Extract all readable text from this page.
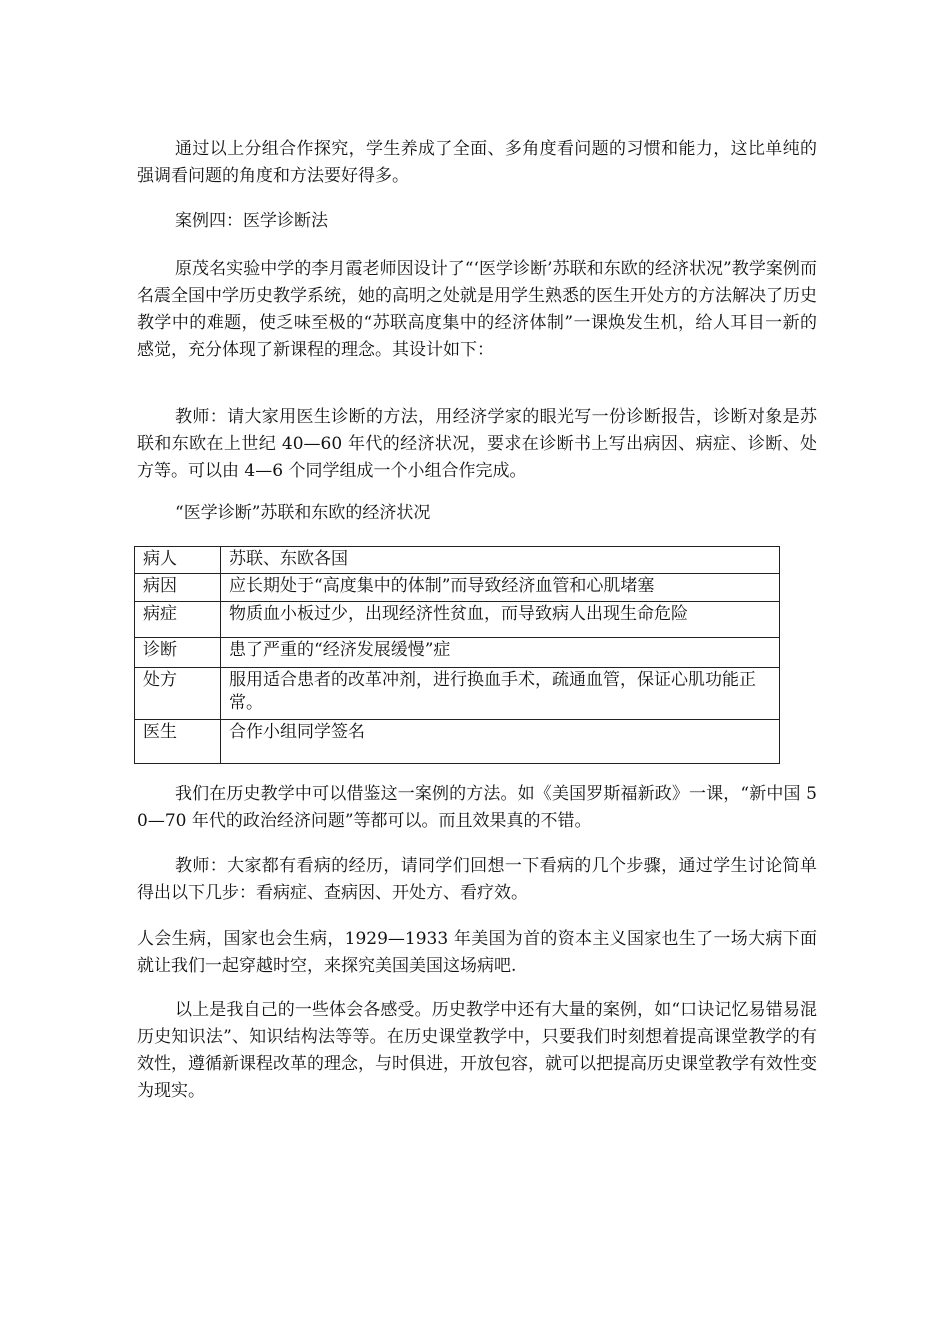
通过以上分组合作探究，学生养成了全面、多角度看问题的习惯和能力，这比单纯的强调看问题的角度和方法要好得多。

案例四：医学诊断法

原茂名实验中学的李月霞老师因设计了“‘医学诊断’苏联和东欧的经济状况”教学案例而名震全国中学历史教学系统，她的高明之处就是用学生熟悉的医生开处方的方法解决了历史教学中的难题，使乏味至极的“苏联高度集中的经济体制”一课焕发生机，给人耳目一新的感觉，充分体现了新课程的理念。其设计如下：

教师：请大家用医生诊断的方法，用经济学家的眼光写一份诊断报告，诊断对象是苏联和东欧在上世纪 40—60 年代的经济状况，要求在诊断书上写出病因、病症、诊断、处方等。可以由 4—6 个同学组成一个小组合作完成。

“医学诊断”苏联和东欧的经济状况

病人	苏联、东欧各国
病因	应长期处于“高度集中的体制”而导致经济血管和心肌堵塞
病症	物质血小板过少，出现经济性贫血，而导致病人出现生命危险
诊断	患了严重的“经济发展缓慢”症
处方	服用适合患者的改革冲剂，进行换血手术，疏通血管，保证心肌功能正常。
医生	合作小组同学签名

我们在历史教学中可以借鉴这一案例的方法。如《美国罗斯福新政》一课，“新中国 50—70 年代的政治经济问题”等都可以。而且效果真的不错。

教师：大家都有看病的经历，请同学们回想一下看病的几个步骤，通过学生讨论简单得出以下几步：看病症、查病因、开处方、看疗效。

人会生病，国家也会生病，1929—1933 年美国为首的资本主义国家也生了一场大病下面就让我们一起穿越时空，来探究美国美国这场病吧.

以上是我自己的一些体会各感受。历史教学中还有大量的案例，如“口诀记忆易错易混历史知识法”、知识结构法等等。在历史课堂教学中，只要我们时刻想着提高课堂教学的有效性，遵循新课程改革的理念，与时俱进，开放包容，就可以把提高历史课堂教学有效性变为现实。
